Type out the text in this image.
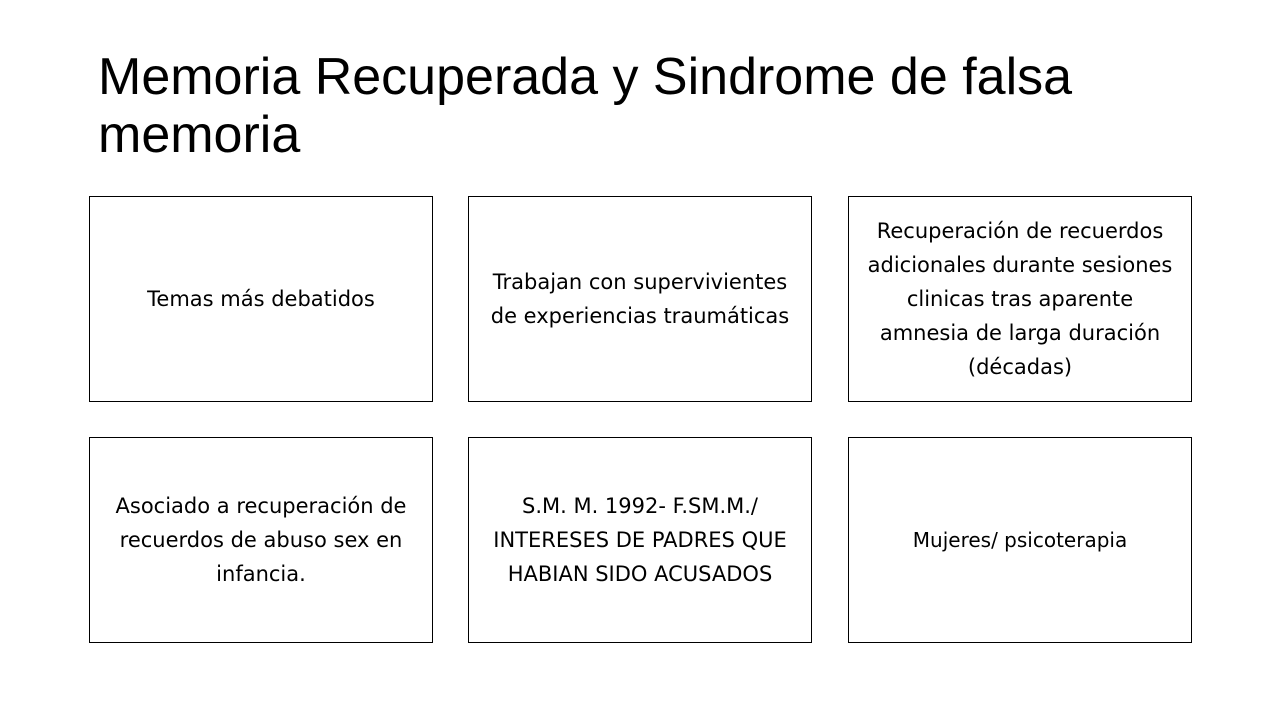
Memoria Recuperada y Sindrome de falsa memoria
Temas más debatidos
Trabajan con supervivientes de experiencias traumáticas
Recuperación de recuerdos adicionales durante sesiones clinicas tras aparente amnesia de larga duración (décadas)
Asociado a recuperación de recuerdos de abuso sex en infancia.
S.M. M. 1992- F.SM.M./ INTERESES DE PADRES QUE HABIAN SIDO ACUSADOS
Mujeres/ psicoterapia
